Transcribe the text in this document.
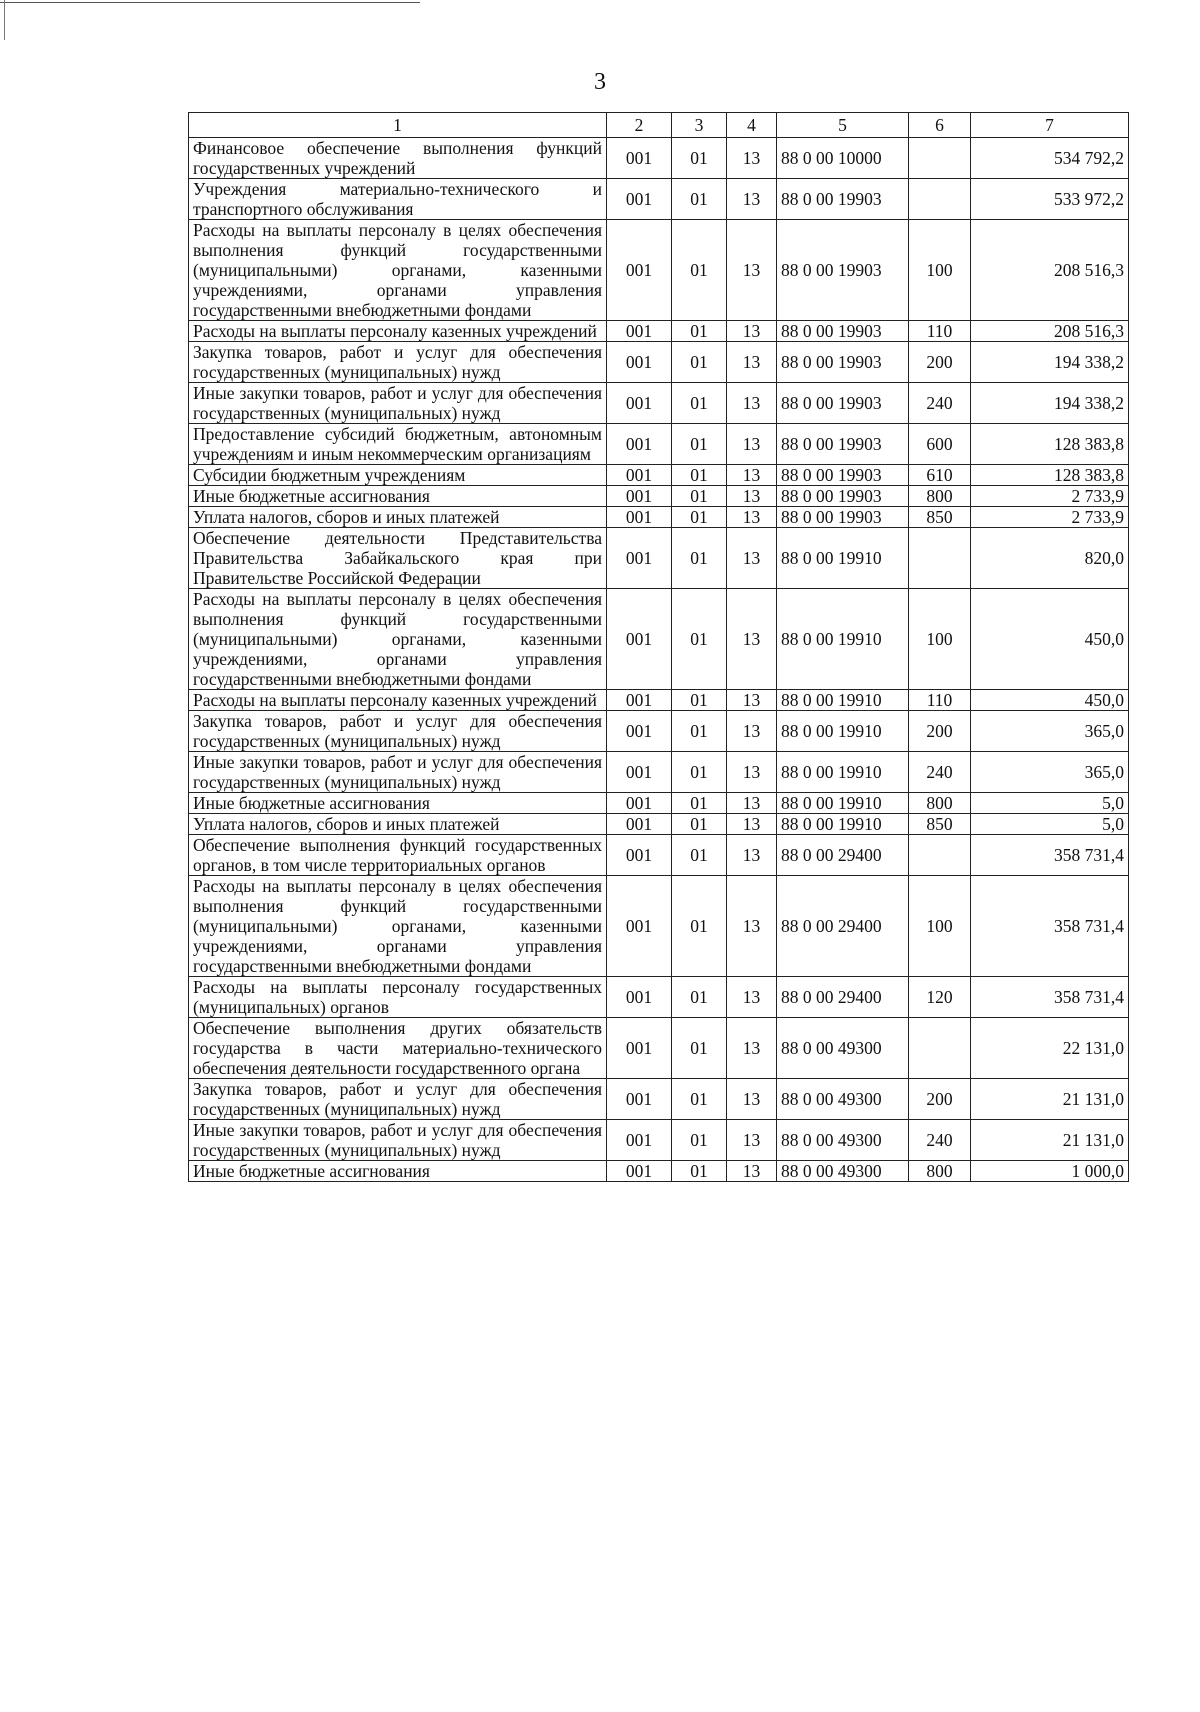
3
1	2	3	4	5	6	7
Финансовое обеспечение выполнения функций государственных учреждений	001	01	13	88 0 00 10000		534 792,2
Учреждения материально-технического и транспортного обслуживания	001	01	13	88 0 00 19903		533 972,2
Расходы на выплаты персоналу в целях обеспечения выполнения функций государственными (муниципальными) органами, казенными учреждениями, органами управления государственными внебюджетными фондами	001	01	13	88 0 00 19903	100	208 516,3
Расходы на выплаты персоналу казенных учреждений	001	01	13	88 0 00 19903	110	208 516,3
Закупка товаров, работ и услуг для обеспечения государственных (муниципальных) нужд	001	01	13	88 0 00 19903	200	194 338,2
Иные закупки товаров, работ и услуг для обеспечения государственных (муниципальных) нужд	001	01	13	88 0 00 19903	240	194 338,2
Предоставление субсидий бюджетным, автономным учреждениям и иным некоммерческим организациям	001	01	13	88 0 00 19903	600	128 383,8
Субсидии бюджетным учреждениям	001	01	13	88 0 00 19903	610	128 383,8
Иные бюджетные ассигнования	001	01	13	88 0 00 19903	800	2 733,9
Уплата налогов, сборов и иных платежей	001	01	13	88 0 00 19903	850	2 733,9
Обеспечение деятельности Представительства Правительства Забайкальского края при Правительстве Российской Федерации	001	01	13	88 0 00 19910		820,0
Расходы на выплаты персоналу в целях обеспечения выполнения функций государственными (муниципальными) органами, казенными учреждениями, органами управления государственными внебюджетными фондами	001	01	13	88 0 00 19910	100	450,0
Расходы на выплаты персоналу казенных учреждений	001	01	13	88 0 00 19910	110	450,0
Закупка товаров, работ и услуг для обеспечения государственных (муниципальных) нужд	001	01	13	88 0 00 19910	200	365,0
Иные закупки товаров, работ и услуг для обеспечения государственных (муниципальных) нужд	001	01	13	88 0 00 19910	240	365,0
Иные бюджетные ассигнования	001	01	13	88 0 00 19910	800	5,0
Уплата налогов, сборов и иных платежей	001	01	13	88 0 00 19910	850	5,0
Обеспечение выполнения функций государственных органов, в том числе территориальных органов	001	01	13	88 0 00 29400		358 731,4
Расходы на выплаты персоналу в целях обеспечения выполнения функций государственными (муниципальными) органами, казенными учреждениями, органами управления государственными внебюджетными фондами	001	01	13	88 0 00 29400	100	358 731,4
Расходы на выплаты персоналу государственных (муниципальных) органов	001	01	13	88 0 00 29400	120	358 731,4
Обеспечение выполнения других обязательств государства в части материально-технического обеспечения деятельности государственного органа	001	01	13	88 0 00 49300		22 131,0
Закупка товаров, работ и услуг для обеспечения государственных (муниципальных) нужд	001	01	13	88 0 00 49300	200	21 131,0
Иные закупки товаров, работ и услуг для обеспечения государственных (муниципальных) нужд	001	01	13	88 0 00 49300	240	21 131,0
Иные бюджетные ассигнования	001	01	13	88 0 00 49300	800	1 000,0
